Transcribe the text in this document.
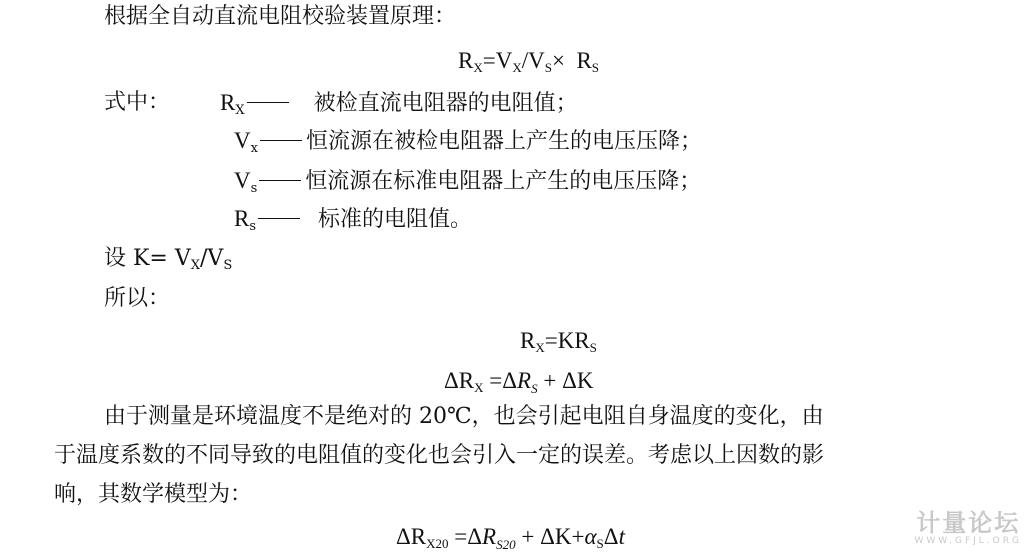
根据全自动直流电阻校验装置原理：
RX=VX/VS× RS
式中： RX	被检直流电阻器的电阻值；
Vx 恒流源在被检电阻器上产生的电压压降；
Vs 恒流源在标准电阻器上产生的电压压降；
Rs	标准的电阻值。
设 K= VX/VS
所以：
RX=KRS
$\Delta RX =\Delta R_S + \Delta K$
由于测量是环境温度不是绝对的 20℃，也会引起电阻自身温度的变化，由
于温度系数的不同导致的电阻值的变化也会引入一定的误差。考虑以上因数的影
响，其数学模型为：
$\Delta RX20 =\Delta R_{S20} + \Delta K+\alpha S\Delta t$	计量论坛
WWW.GFJL.ORG
